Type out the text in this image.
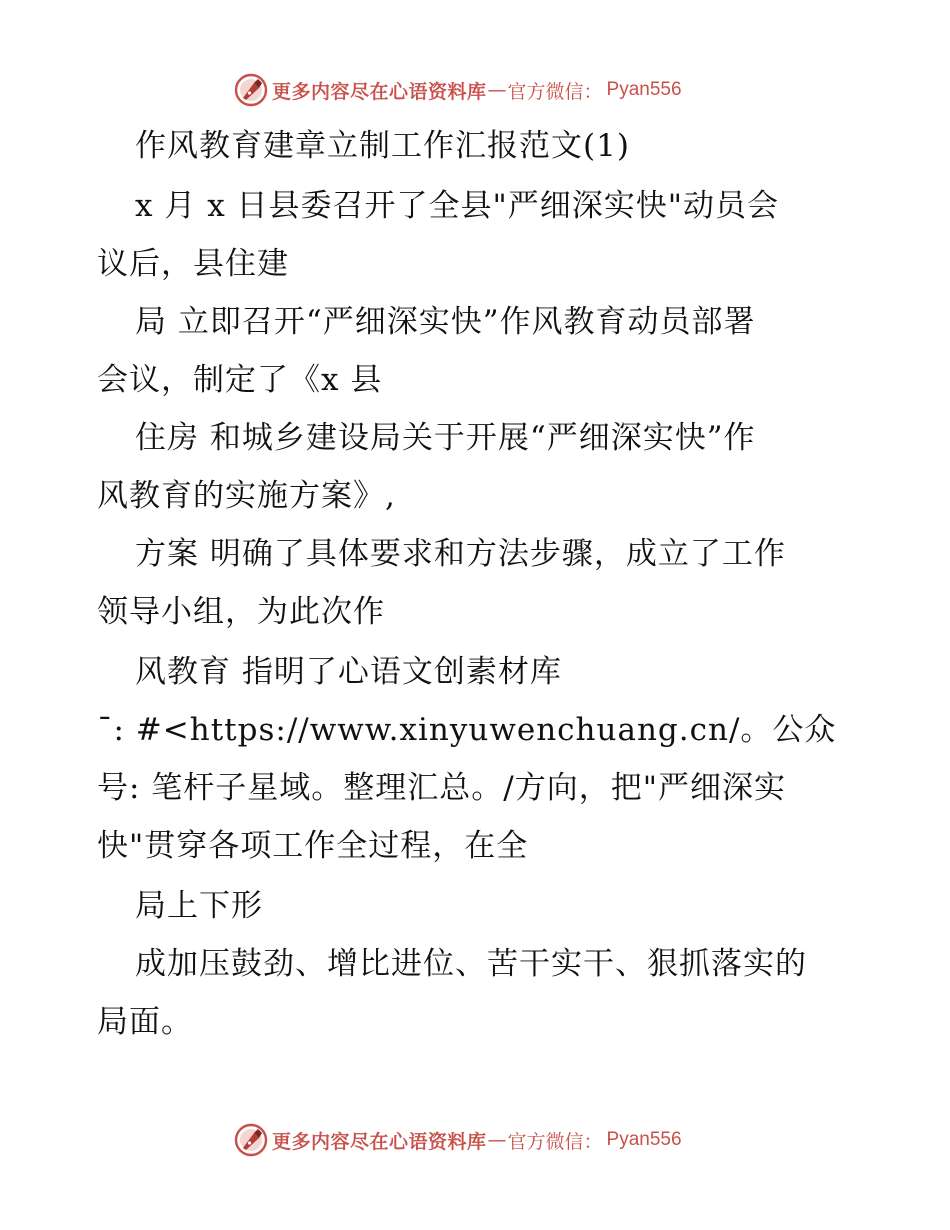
更多内容尽在心语资料库 — 官方微信： Pyan556
作风教育建章立制工作汇报范文(1)
x 月 x 日县委召开了全县"严细深实快"动员会
议后，县住建
局 立即召开“严细深实快”作风教育动员部署
会议，制定了《x 县
住房 和城乡建设局关于开展“严细深实快”作
风教育的实施方案》,
方案 明确了具体要求和方法步骤，成立了工作
领导小组，为此次作
风教育 指明了心语文创素材库
¯: #<https://www.xinyuwenchuang.cn/。公众
号: 笔杆子星域。整理汇总。/方向，把"严细深实
快"贯穿各项工作全过程，在全
局上下形
成加压鼓劲、增比进位、苦干实干、狠抓落实的
局面。
更多内容尽在心语资料库 — 官方微信： Pyan556
